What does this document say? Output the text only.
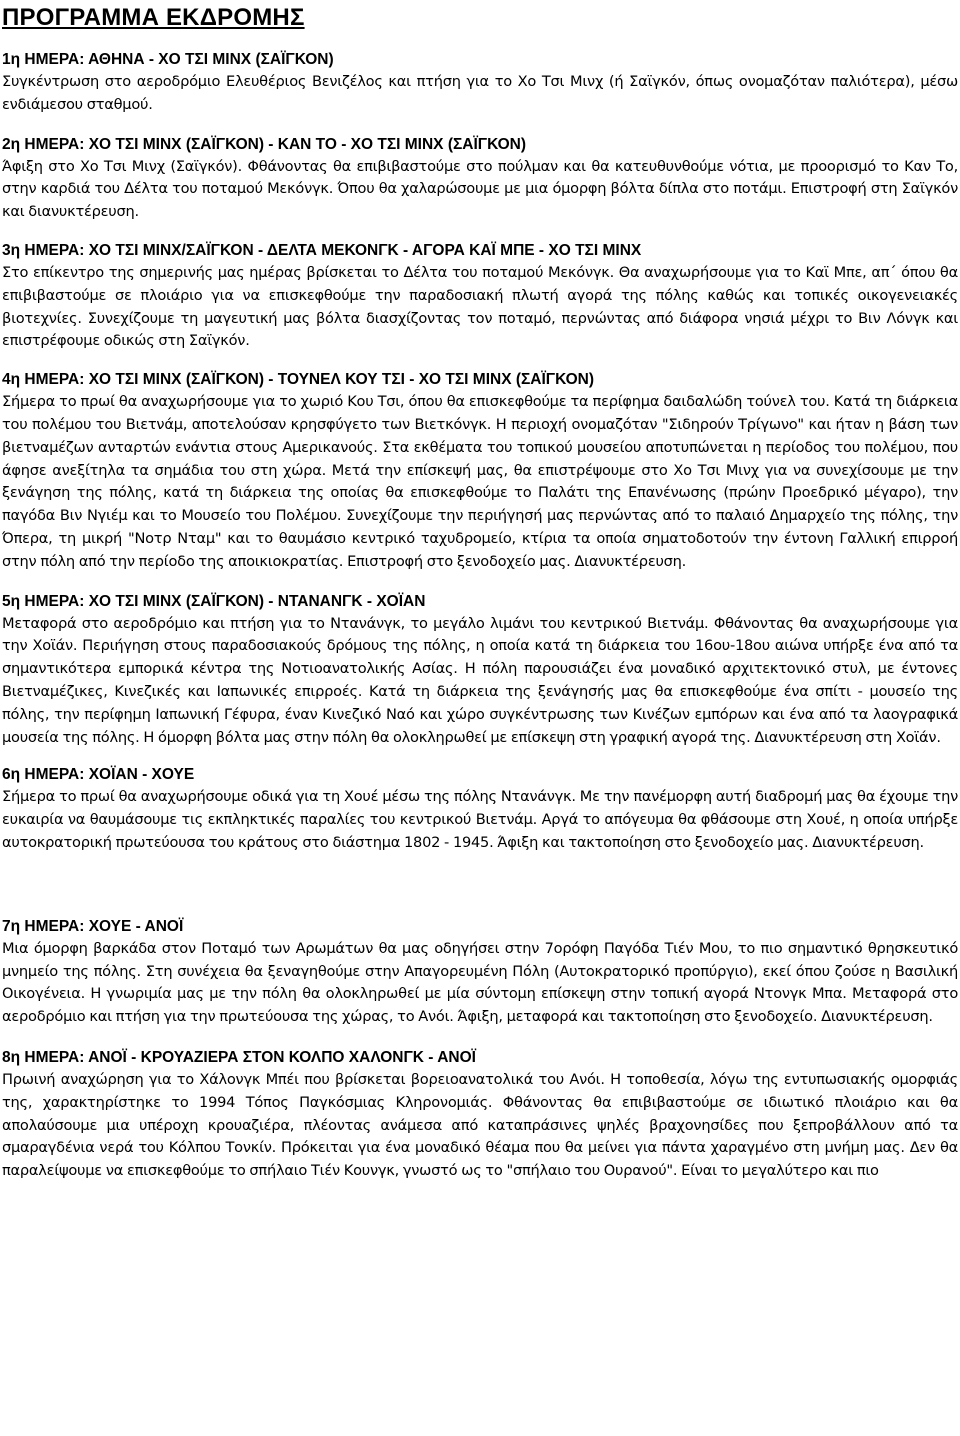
ΠΡΟΓΡΑΜΜΑ ΕΚΔΡΟΜΗΣ

1η ΗΜΕΡΑ: ΑΘΗΝΑ - ΧΟ ΤΣΙ ΜΙΝΧ (ΣΑΪΓΚΟΝ)

Συγκέντρωση στο αεροδρόμιο Ελευθέριος Βενιζέλος και πτήση για το Χο Τσι Μινχ (ή Σαϊγκόν, όπως ονομαζόταν παλιότερα), μέσω ενδιάμεσου σταθμού.

2η ΗΜΕΡΑ: ΧΟ ΤΣΙ ΜΙΝΧ (ΣΑΪΓΚΟΝ) - ΚΑΝ ΤΟ - ΧΟ ΤΣΙ ΜΙΝΧ (ΣΑΪΓΚΟΝ)

Άφιξη στο Χο Τσι Μινχ (Σαϊγκόν). Φθάνοντας θα επιβιβαστούμε στο πούλμαν και θα κατευθυνθούμε νότια, με προορισμό το Καν Το, στην καρδιά του Δέλτα του ποταμού Μεκόνγκ. Όπου θα χαλαρώσουμε με μια όμορφη βόλτα δίπλα στο ποτάμι. Επιστροφή στη Σαϊγκόν και διανυκτέρευση.

3η ΗΜΕΡΑ: ΧΟ ΤΣΙ ΜΙΝΧ/ΣΑΪΓΚΟΝ - ΔΕΛΤΑ ΜΕΚΟΝΓΚ - ΑΓΟΡΑ ΚΑΪ ΜΠΕ - ΧΟ ΤΣΙ ΜΙΝΧ

Στο επίκεντρο της σημερινής μας ημέρας βρίσκεται το Δέλτα του ποταμού Μεκόνγκ. Θα αναχωρήσουμε για το Καϊ Μπε, απ΄ όπου θα επιβιβαστούμε σε πλοιάριο για να επισκεφθούμε την παραδοσιακή πλωτή αγορά της πόλης καθώς και τοπικές οικογενειακές βιοτεχνίες. Συνεχίζουμε τη μαγευτική μας βόλτα διασχίζοντας τον ποταμό, περνώντας από διάφορα νησιά μέχρι το Βιν Λόνγκ και επιστρέφουμε οδικώς στη Σαϊγκόν.

4η ΗΜΕΡΑ: ΧΟ ΤΣΙ ΜΙΝΧ (ΣΑΪΓΚΟΝ) - ΤΟΥΝΕΛ ΚΟΥ ΤΣΙ - ΧΟ ΤΣΙ ΜΙΝΧ (ΣΑΪΓΚΟΝ)

Σήμερα το πρωί θα αναχωρήσουμε για το χωριό Κου Τσι, όπου θα επισκεφθούμε τα περίφημα δαιδαλώδη τούνελ του. Κατά τη διάρκεια του πολέμου του Βιετνάμ, αποτελούσαν κρησφύγετο των Βιετκόνγκ. Η περιοχή ονομαζόταν "Σιδηρούν Τρίγωνο" και ήταν η βάση των βιετναμέζων ανταρτών ενάντια στους Αμερικανούς. Στα εκθέματα του τοπικού μουσείου αποτυπώνεται η περίοδος του πολέμου, που άφησε ανεξίτηλα τα σημάδια του στη χώρα. Μετά την επίσκεψή μας, θα επιστρέψουμε στο Χο Τσι Μινχ για να συνεχίσουμε με την ξενάγηση της πόλης, κατά τη διάρκεια της οποίας θα επισκεφθούμε το Παλάτι της Επανένωσης (πρώην Προεδρικό μέγαρο), την παγόδα Βιν Νγιέμ και το Μουσείο του Πολέμου. Συνεχίζουμε την περιήγησή μας περνώντας από το παλαιό Δημαρχείο της πόλης, την Όπερα, τη μικρή "Νοτρ Νταμ" και το θαυμάσιο κεντρικό ταχυδρομείο, κτίρια τα οποία σηματοδοτούν την έντονη Γαλλική επιρροή στην πόλη από την περίοδο της αποικιοκρατίας. Επιστροφή στο ξενοδοχείο μας. Διανυκτέρευση.

5η ΗΜΕΡΑ: ΧΟ ΤΣΙ ΜΙΝΧ (ΣΑΪΓΚΟΝ) - ΝΤΑΝΑΝΓΚ - ΧΟΪΑΝ

Μεταφορά στο αεροδρόμιο και πτήση για το Ντανάνγκ, το μεγάλο λιμάνι του κεντρικού Βιετνάμ. Φθάνοντας θα αναχωρήσουμε για την Χοϊάν. Περιήγηση στους παραδοσιακούς δρόμους της πόλης, η οποία κατά τη διάρκεια του 16ου-18ου αιώνα υπήρξε ένα από τα σημαντικότερα εμπορικά κέντρα της Νοτιοανατολικής Ασίας. Η πόλη παρουσιάζει ένα μοναδικό αρχιτεκτονικό στυλ, με έντονες Βιετναμέζικες, Κινεζικές και Ιαπωνικές επιρροές. Κατά τη διάρκεια της ξενάγησής μας θα επισκεφθούμε ένα σπίτι - μουσείο της πόλης, την περίφημη Ιαπωνική Γέφυρα, έναν Κινεζικό Ναό και χώρο συγκέντρωσης των Κινέζων εμπόρων και ένα από τα λαογραφικά μουσεία της πόλης. Η όμορφη βόλτα μας στην πόλη θα ολοκληρωθεί με επίσκεψη στη γραφική αγορά της. Διανυκτέρευση στη Χοϊάν.

6η ΗΜΕΡΑ: ΧΟΪΑΝ - ΧΟΥΕ

Σήμερα το πρωί θα αναχωρήσουμε οδικά για τη Χουέ μέσω της πόλης Ντανάνγκ. Με την πανέμορφη αυτή διαδρομή μας θα έχουμε την ευκαιρία να θαυμάσουμε τις εκπληκτικές παραλίες του κεντρικού Βιετνάμ. Αργά το απόγευμα θα φθάσουμε στη Χουέ, η οποία υπήρξε αυτοκρατορική πρωτεύουσα του κράτους στο διάστημα 1802 - 1945. Άφιξη και τακτοποίηση στο ξενοδοχείο μας. Διανυκτέρευση.

7η ΗΜΕΡΑ: ΧΟΥΕ - ΑΝΟΪ

Μια όμορφη βαρκάδα στον Ποταμό των Αρωμάτων θα μας οδηγήσει στην 7ορόφη Παγόδα Τιέν Μου, το πιο σημαντικό θρησκευτικό μνημείο της πόλης. Στη συνέχεια θα ξεναγηθούμε στην Απαγορευμένη Πόλη (Αυτοκρατορικό προπύργιο), εκεί όπου ζούσε η Βασιλική Οικογένεια. Η γνωριμία μας με την πόλη θα ολοκληρωθεί με μία σύντομη επίσκεψη στην τοπική αγορά Ντονγκ Μπα. Μεταφορά στο αεροδρόμιο και πτήση για την πρωτεύουσα της χώρας, το Ανόι. Άφιξη, μεταφορά και τακτοποίηση στο ξενοδοχείο. Διανυκτέρευση.

8η ΗΜΕΡΑ: ΑΝΟΪ - ΚΡΟΥΑΖΙΕΡΑ ΣΤΟΝ ΚΟΛΠΟ ΧΑΛΟΝΓΚ - ΑΝΟΪ

Πρωινή αναχώρηση για το Χάλονγκ Μπέι που βρίσκεται βορειοανατολικά του Ανόι. Η τοποθεσία, λόγω της εντυπωσιακής ομορφιάς της, χαρακτηρίστηκε το 1994 Τόπος Παγκόσμιας Κληρονομιάς. Φθάνοντας θα επιβιβαστούμε σε ιδιωτικό πλοιάριο και θα απολαύσουμε μια υπέροχη κρουαζιέρα, πλέοντας ανάμεσα από καταπράσινες ψηλές βραχονησίδες που ξεπροβάλλουν από τα σμαραγδένια νερά του Κόλπου Τονκίν. Πρόκειται για ένα μοναδικό θέαμα που θα μείνει για πάντα χαραγμένο στη μνήμη μας. Δεν θα παραλείψουμε να επισκεφθούμε το σπήλαιο Τιέν Κουνγκ, γνωστό ως το "σπήλαιο του Ουρανού". Είναι το μεγαλύτερο και πιο
